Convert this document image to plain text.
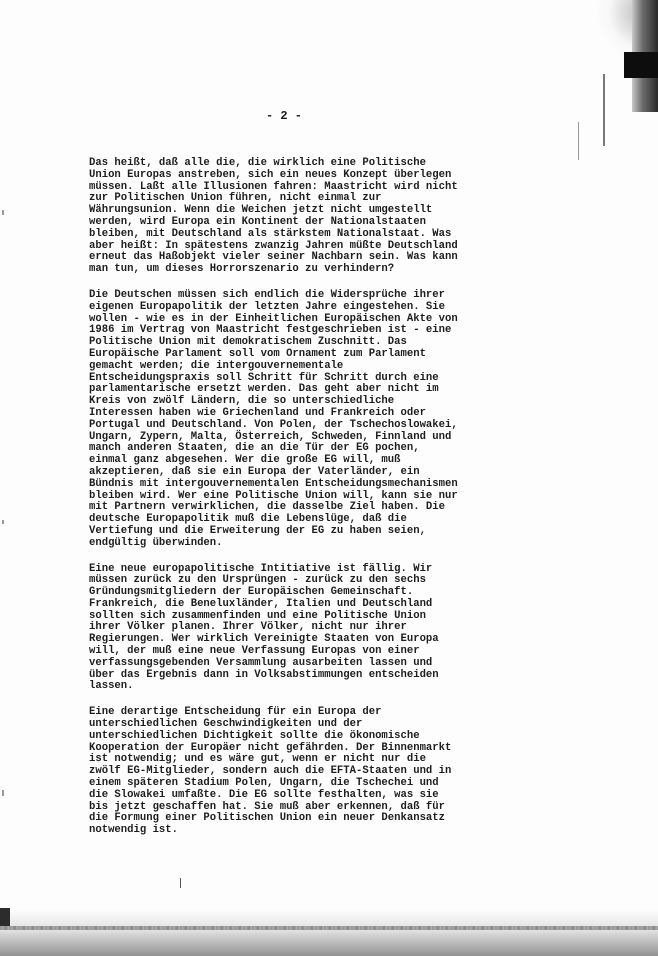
- 2 -

Das heißt, daß alle die, die wirklich eine Politische
Union Europas anstreben, sich ein neues Konzept überlegen
müssen. Laßt alle Illusionen fahren: Maastricht wird nicht
zur Politischen Union führen, nicht einmal zur
Währungsunion. Wenn die Weichen jetzt nicht umgestellt
werden, wird Europa ein Kontinent der Nationalstaaten
bleiben, mit Deutschland als stärkstem Nationalstaat. Was
aber heißt: In spätestens zwanzig Jahren müßte Deutschland
erneut das Haßobjekt vieler seiner Nachbarn sein. Was kann
man tun, um dieses Horrorszenario zu verhindern?

Die Deutschen müssen sich endlich die Widersprüche ihrer
eigenen Europapolitik der letzten Jahre eingestehen. Sie
wollen - wie es in der Einheitlichen Europäischen Akte von
1986 im Vertrag von Maastricht festgeschrieben ist - eine
Politische Union mit demokratischem Zuschnitt. Das
Europäische Parlament soll vom Ornament zum Parlament
gemacht werden; die intergouvernementale
Entscheidungspraxis soll Schritt für Schritt durch eine
parlamentarische ersetzt werden. Das geht aber nicht im
Kreis von zwölf Ländern, die so unterschiedliche
Interessen haben wie Griechenland und Frankreich oder
Portugal und Deutschland. Von Polen, der Tschechoslowakei,
Ungarn, Zypern, Malta, Österreich, Schweden, Finnland und
manch anderen Staaten, die an die Tür der EG pochen,
einmal ganz abgesehen. Wer die große EG will, muß
akzeptieren, daß sie ein Europa der Vaterländer, ein
Bündnis mit intergouvernementalen Entscheidungsmechanismen
bleiben wird. Wer eine Politische Union will, kann sie nur
mit Partnern verwirklichen, die dasselbe Ziel haben. Die
deutsche Europapolitik muß die Lebenslüge, daß die
Vertiefung und die Erweiterung der EG zu haben seien,
endgültig überwinden.

Eine neue europapolitische Intitiative ist fällig. Wir
müssen zurück zu den Ursprüngen - zurück zu den sechs
Gründungsmitgliedern der Europäischen Gemeinschaft.
Frankreich, die Beneluxländer, Italien und Deutschland
sollten sich zusammenfinden und eine Politische Union
ihrer Völker planen. Ihrer Völker, nicht nur ihrer
Regierungen. Wer wirklich Vereinigte Staaten von Europa
will, der muß eine neue Verfassung Europas von einer
verfassungsgebenden Versammlung ausarbeiten lassen und
über das Ergebnis dann in Volksabstimmungen entscheiden
lassen.

Eine derartige Entscheidung für ein Europa der
unterschiedlichen Geschwindigkeiten und der
unterschiedlichen Dichtigkeit sollte die ökonomische
Kooperation der Europäer nicht gefährden. Der Binnenmarkt
ist notwendig; und es wäre gut, wenn er nicht nur die
zwölf EG-Mitglieder, sondern auch die EFTA-Staaten und in
einem späteren Stadium Polen, Ungarn, die Tschechei und
die Slowakei umfaßte. Die EG sollte festhalten, was sie
bis jetzt geschaffen hat. Sie muß aber erkennen, daß für
die Formung einer Politischen Union ein neuer Denkansatz
notwendig ist.
